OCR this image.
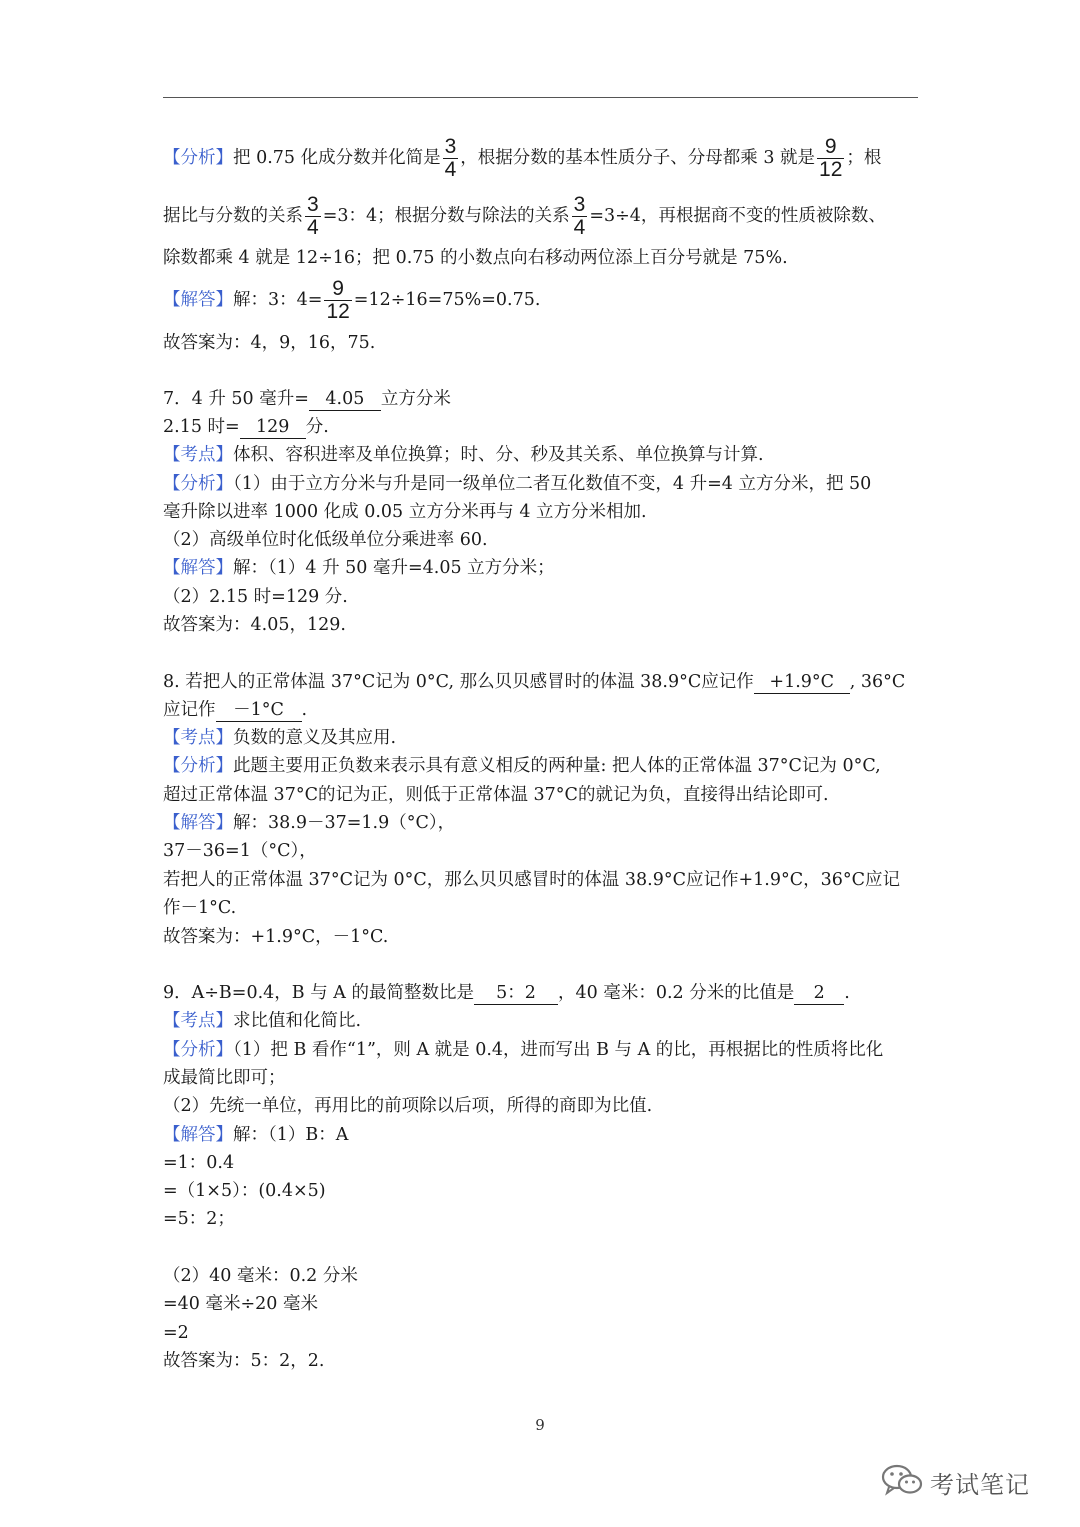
【分析】把 0.75 化成分数并化简是 $\frac{3}{4}$ ，根据分数的基本性质分子、分母都乘 3 就是 $\frac{9}{12}$ ；根
据比与分数的关系 $\frac{3}{4} =3$：4；根据分数与除法的关系 $\frac{3}{4} =3\div 4$，再根据商不变的性质被除数、
除数都乘 4 就是 12÷16；把 0.75 的小数点向右移动两位添上百分号就是 75%.
【解答】解：3：$4= \frac{9}{12} =12\div 16=75\%=0.75$.
故答案为：4，9，16，75.
7．4 升 50 毫升= 4.05 立方分米
2.15 时= 129 分.
【考点】体积、容积进率及单位换算；时、分、秒及其关系、单位换算与计算.
【分析】（1）由于立方分米与升是同一级单位二者互化数值不变，4 升=4 立方分米，把 50
毫升除以进率 1000 化成 0.05 立方分米再与 4 立方分米相加.
（2）高级单位时化低级单位分乘进率 60.
【解答】解：（1）4 升 50 毫升=4.05 立方分米；
（2）2.15 时=129 分.
故答案为：4.05，129.
8. 若把人的正常体温 37°C记为 0°C, 那么贝贝感冒时的体温 38.9°C应记作 +1.9°C , 36°C
应记作 －1°C .
【考点】负数的意义及其应用.
【分析】此题主要用正负数来表示具有意义相反的两种量: 把人体的正常体温 37°C记为 0°C,
超过正常体温 37°C的记为正，则低于正常体温 37°C的就记为负，直接得出结论即可.
【解答】解：38.9－37=1.9（°C），
37－36=1（°C），
若把人的正常体温 37°C记为 0°C，那么贝贝感冒时的体温 38.9°C应记作+1.9°C，36°C应记
作－1°C.
故答案为：+1.9°C，－1°C.
9．A÷B=0.4，B 与 A 的最简整数比是 5：2 ，40 毫米：0.2 分米的比值是 2 .
【考点】求比值和化简比.
【分析】（1）把 B 看作“1”，则 A 就是 0.4，进而写出 B 与 A 的比，再根据比的性质将比化
成最简比即可；
（2）先统一单位，再用比的前项除以后项，所得的商即为比值.
【解答】解：（1）B：A
=1：0.4
=（1×5）：(0.4×5)
=5：2；
（2）40 毫米：0.2 分米
=40 毫米÷20 毫米
=2
故答案为：5：2，2.
9
考试笔记
